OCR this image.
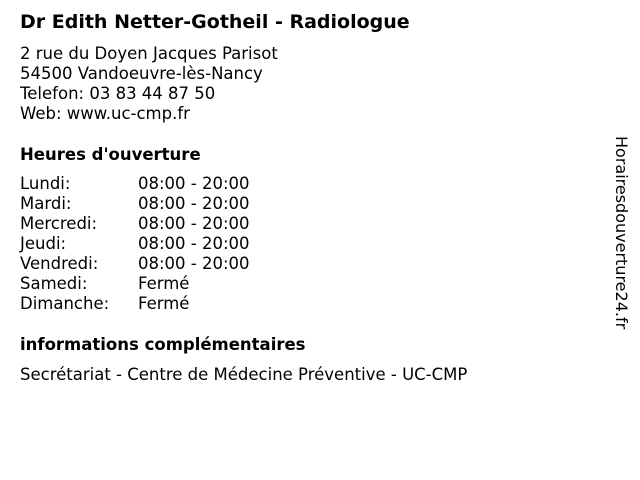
Dr Edith Netter-Gotheil - Radiologue
2 rue du Doyen Jacques Parisot
54500 Vandoeuvre-lès-Nancy
Telefon: 03 83 44 87 50
Web: www.uc-cmp.fr
Heures d'ouverture
Lundi:	08:00 - 20:00
Mardi:	08:00 - 20:00
Mercredi: 08:00 - 20:00
Jeudi:	08:00 - 20:00
Vendredi: 08:00 - 20:00
Samedi:	Fermé
Dimanche: Fermé
informations complémentaires
Secrétariat - Centre de Médecine Préventive - UC-CMP
Horairesdouverture24.fr
